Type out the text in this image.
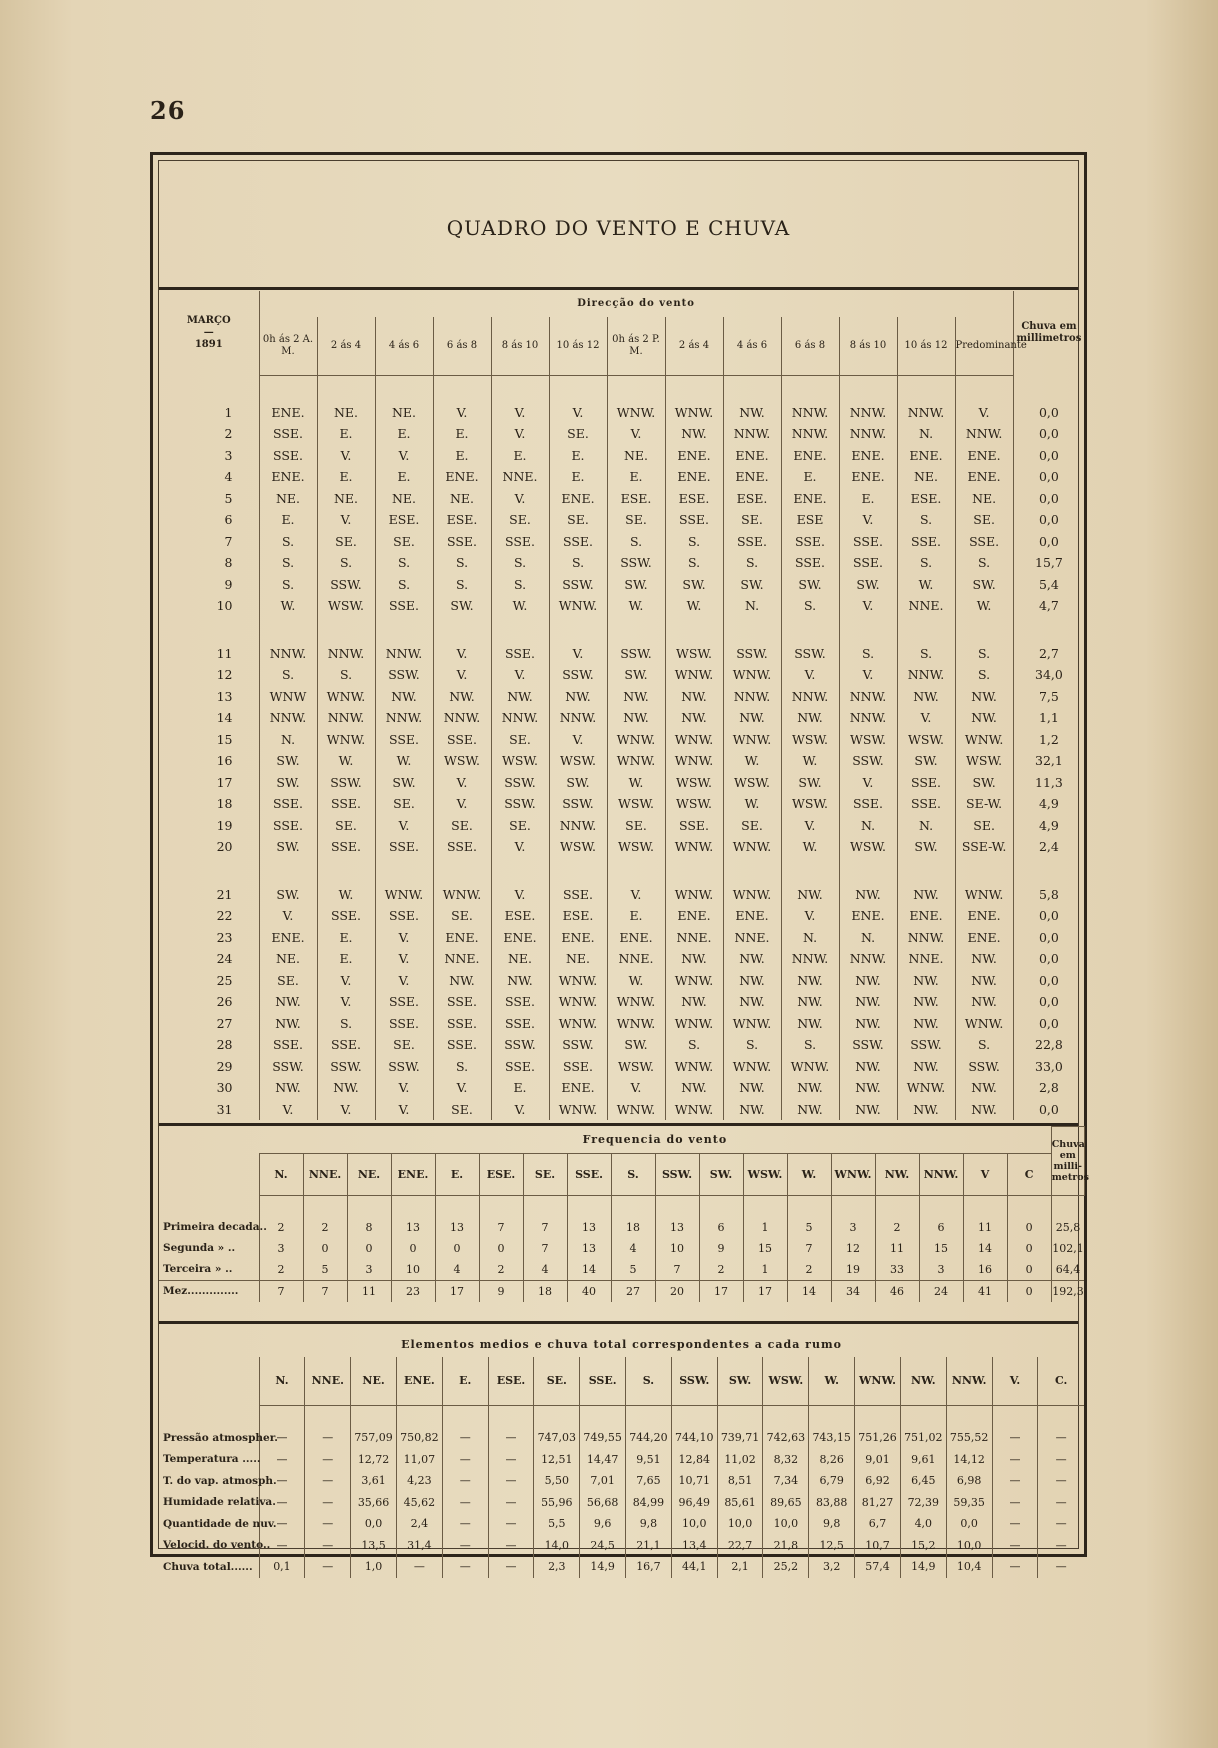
26
QUADRO DO VENTO E CHUVA
MARÇO
—
1891	Direcção do vento													Chuva em millimetros
	0h ás 2 A. M.	2 ás 4	4 ás 6	6 ás 8	8 ás 10	10 ás 12	0h ás 2 P. M.	2 ás 4	4 ás 6	6 ás 8	8 ás 10	10 ás 12	Predominante	

1	ENE.	NE.	NE.	V.	V.	V.	WNW.	WNW.	NW.	NNW.	NNW.	NNW.	V.	0,0
2	SSE.	E.	E.	E.	V.	SE.	V.	NW.	NNW.	NNW.	NNW.	N.	NNW.	0,0
3	SSE.	V.	V.	E.	E.	E.	NE.	ENE.	ENE.	ENE.	ENE.	ENE.	ENE.	0,0
4	ENE.	E.	E.	ENE.	NNE.	E.	E.	ENE.	ENE.	E.	ENE.	NE.	ENE.	0,0
5	NE.	NE.	NE.	NE.	V.	ENE.	ESE.	ESE.	ESE.	ENE.	E.	ESE.	NE.	0,0
6	E.	V.	ESE.	ESE.	SE.	SE.	SE.	SSE.	SE.	ESE	V.	S.	SE.	0,0
7	S.	SE.	SE.	SSE.	SSE.	SSE.	S.	S.	SSE.	SSE.	SSE.	SSE.	SSE.	0,0
8	S.	S.	S.	S.	S.	S.	SSW.	S.	S.	SSE.	SSE.	S.	S.	15,7
9	S.	SSW.	S.	S.	S.	SSW.	SW.	SW.	SW.	SW.	SW.	W.	SW.	5,4
10	W.	WSW.	SSE.	SW.	W.	WNW.	W.	W.	N.	S.	V.	NNE.	W.	4,7

11	NNW.	NNW.	NNW.	V.	SSE.	V.	SSW.	WSW.	SSW.	SSW.	S.	S.	S.	2,7
12	S.	S.	SSW.	V.	V.	SSW.	SW.	WNW.	WNW.	V.	V.	NNW.	S.	34,0
13	WNW	WNW.	NW.	NW.	NW.	NW.	NW.	NW.	NNW.	NNW.	NNW.	NW.	NW.	7,5
14	NNW.	NNW.	NNW.	NNW.	NNW.	NNW.	NW.	NW.	NW.	NW.	NNW.	V.	NW.	1,1
15	N.	WNW.	SSE.	SSE.	SE.	V.	WNW.	WNW.	WNW.	WSW.	WSW.	WSW.	WNW.	1,2
16	SW.	W.	W.	WSW.	WSW.	WSW.	WNW.	WNW.	W.	W.	SSW.	SW.	WSW.	32,1
17	SW.	SSW.	SW.	V.	SSW.	SW.	W.	WSW.	WSW.	SW.	V.	SSE.	SW.	11,3
18	SSE.	SSE.	SE.	V.	SSW.	SSW.	WSW.	WSW.	W.	WSW.	SSE.	SSE.	SE-W.	4,9
19	SSE.	SE.	V.	SE.	SE.	NNW.	SE.	SSE.	SE.	V.	N.	N.	SE.	4,9
20	SW.	SSE.	SSE.	SSE.	V.	WSW.	WSW.	WNW.	WNW.	W.	WSW.	SW.	SSE-W.	2,4

21	SW.	W.	WNW.	WNW.	V.	SSE.	V.	WNW.	WNW.	NW.	NW.	NW.	WNW.	5,8
22	V.	SSE.	SSE.	SE.	ESE.	ESE.	E.	ENE.	ENE.	V.	ENE.	ENE.	ENE.	0,0
23	ENE.	E.	V.	ENE.	ENE.	ENE.	ENE.	NNE.	NNE.	N.	N.	NNW.	ENE.	0,0
24	NE.	E.	V.	NNE.	NE.	NE.	NNE.	NW.	NW.	NNW.	NNW.	NNE.	NW.	0,0
25	SE.	V.	V.	NW.	NW.	WNW.	W.	WNW.	NW.	NW.	NW.	NW.	NW.	0,0
26	NW.	V.	SSE.	SSE.	SSE.	WNW.	WNW.	NW.	NW.	NW.	NW.	NW.	NW.	0,0
27	NW.	S.	SSE.	SSE.	SSE.	WNW.	WNW.	WNW.	WNW.	NW.	NW.	NW.	WNW.	0,0
28	SSE.	SSE.	SE.	SSE.	SSW.	SSW.	SW.	S.	S.	S.	SSW.	SSW.	S.	22,8
29	SSW.	SSW.	SSW.	S.	SSE.	SSE.	WSW.	WNW.	WNW.	WNW.	NW.	NW.	SSW.	33,0
30	NW.	NW.	V.	V.	E.	ENE.	V.	NW.	NW.	NW.	NW.	WNW.	NW.	2,8
31	V.	V.	V.	SE.	V.	WNW.	WNW.	WNW.	NW.	NW.	NW.	NW.	NW.	0,0
	Frequencia do vento																		Chuva em milli-metros
	N.	NNE.	NE.	ENE.	E.	ESE.	SE.	SSE.	S.	SSW.	SW.	WSW.	W.	WNW.	NW.	NNW.	V	C	

Primeira decada..	2	2	8	13	13	7	7	13	18	13	6	1	5	3	2	6	11	0	25,8
Segunda » ..	3	0	0	0	0	0	7	13	4	10	9	15	7	12	11	15	14	0	102,1
Terceira » ..	2	5	3	10	4	2	4	14	5	7	2	1	2	19	33	3	16	0	64,4
Mez..............	7	7	11	23	17	9	18	40	27	20	17	17	14	34	46	24	41	0	192,3
Elementos medios e chuva total correspondentes a cada rumo																		
	N.	NNE.	NE.	ENE.	E.	ESE.	SE.	SSE.	S.	SSW.	SW.	WSW.	W.	WNW.	NW.	NNW.	V.	C.

Pressão atmospher.	—	—	757,09	750,82	—	—	747,03	749,55	744,20	744,10	739,71	742,63	743,15	751,26	751,02	755,52	—	—
Temperatura .....	—	—	12,72	11,07	—	—	12,51	14,47	9,51	12,84	11,02	8,32	8,26	9,01	9,61	14,12	—	—
T. do vap. atmosph.	—	—	3,61	4,23	—	—	5,50	7,01	7,65	10,71	8,51	7,34	6,79	6,92	6,45	6,98	—	—
Humidade relativa.	—	—	35,66	45,62	—	—	55,96	56,68	84,99	96,49	85,61	89,65	83,88	81,27	72,39	59,35	—	—
Quantidade de nuv.	—	—	0,0	2,4	—	—	5,5	9,6	9,8	10,0	10,0	10,0	9,8	6,7	4,0	0,0	—	—
Velocid. do vento..	—	—	13,5	31,4	—	—	14,0	24,5	21,1	13,4	22,7	21,8	12,5	10,7	15,2	10,0	—	—
Chuva total......	0,1	—	1,0	—	—	—	2,3	14,9	16,7	44,1	2,1	25,2	3,2	57,4	14,9	10,4	—	—
